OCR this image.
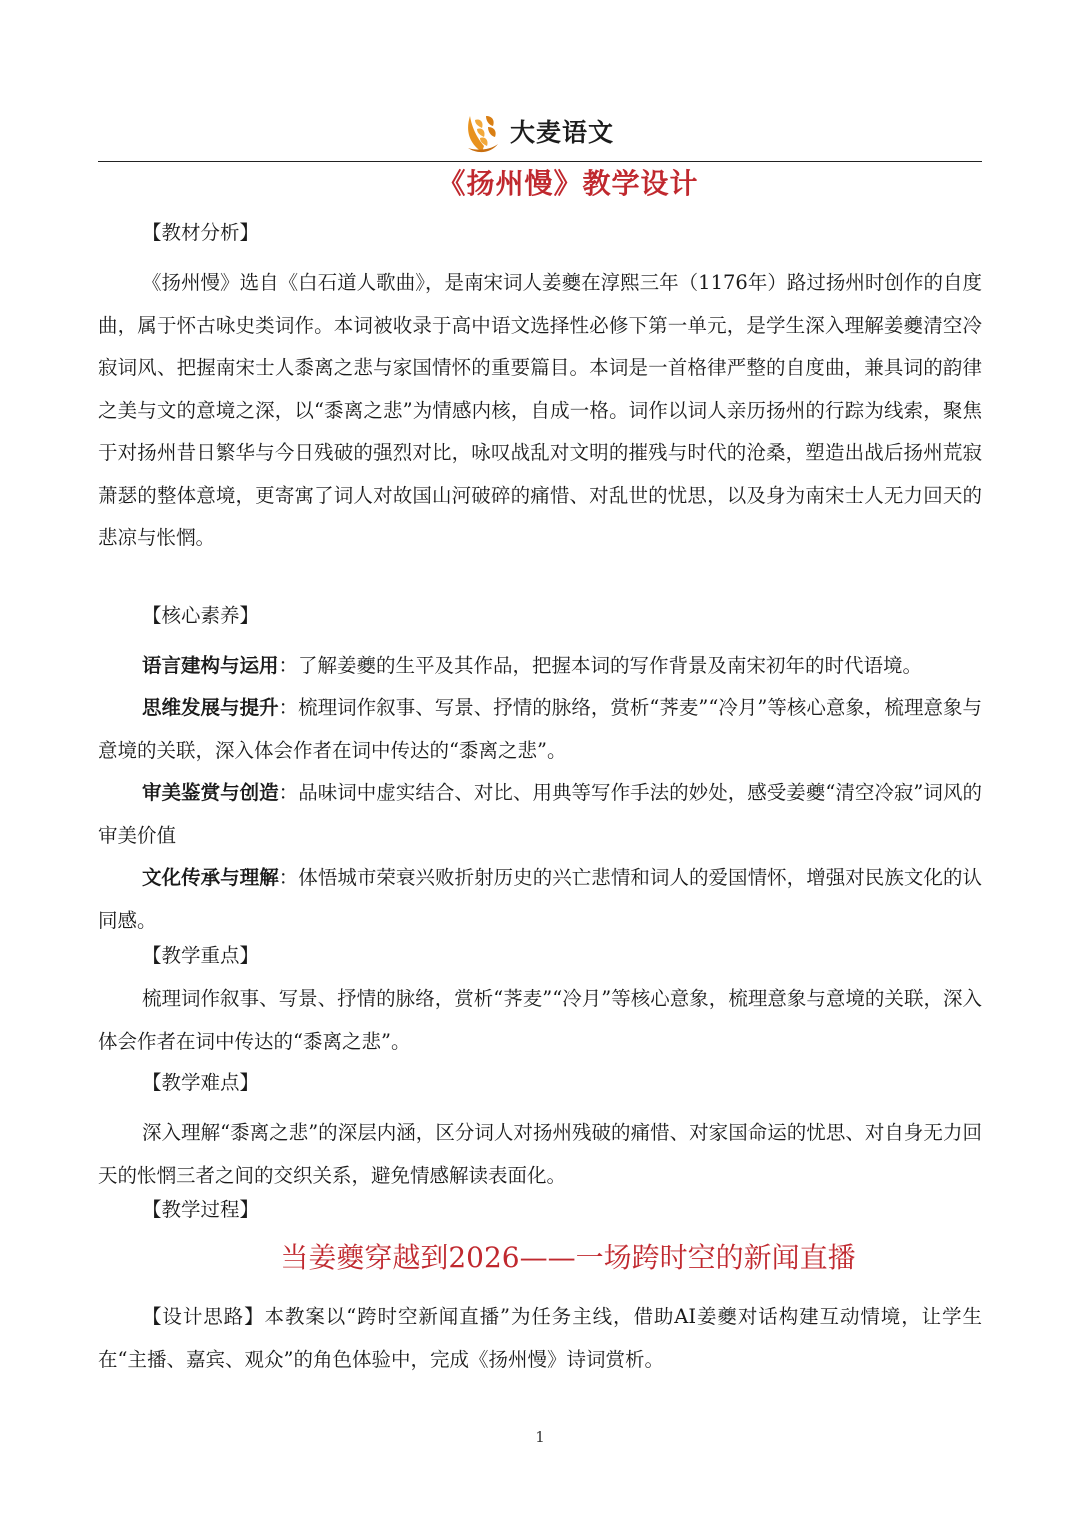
大麦语文
《扬州慢》教学设计
【教材分析】
《扬州慢》选自《白石道人歌曲》，是南宋词人姜夔在淳熙三年（1176年）路过扬州时创作的自度曲，属于怀古咏史类词作。本词被收录于高中语文选择性必修下第一单元，是学生深入理解姜夔清空冷寂词风、把握南宋士人黍离之悲与家国情怀的重要篇目。本词是一首格律严整的自度曲，兼具词的韵律之美与文的意境之深，以“黍离之悲”为情感内核，自成一格。词作以词人亲历扬州的行踪为线索，聚焦于对扬州昔日繁华与今日残破的强烈对比，咏叹战乱对文明的摧残与时代的沧桑，塑造出战后扬州荒寂萧瑟的整体意境，更寄寓了词人对故国山河破碎的痛惜、对乱世的忧思，以及身为南宋士人无力回天的悲凉与怅惘。
【核心素养】
语言建构与运用：了解姜夔的生平及其作品，把握本词的写作背景及南宋初年的时代语境。
思维发展与提升：梳理词作叙事、写景、抒情的脉络，赏析“荠麦”“冷月”等核心意象，梳理意象与意境的关联，深入体会作者在词中传达的“黍离之悲”。
审美鉴赏与创造：品味词中虚实结合、对比、用典等写作手法的妙处，感受姜夔“清空冷寂”词风的审美价值
文化传承与理解：体悟城市荣衰兴败折射历史的兴亡悲情和词人的爱国情怀，增强对民族文化的认同感。
【教学重点】
梳理词作叙事、写景、抒情的脉络，赏析“荠麦”“冷月”等核心意象，梳理意象与意境的关联，深入体会作者在词中传达的“黍离之悲”。
【教学难点】
深入理解“黍离之悲”的深层内涵，区分词人对扬州残破的痛惜、对家国命运的忧思、对自身无力回天的怅惘三者之间的交织关系，避免情感解读表面化。
【教学过程】
当姜夔穿越到2026——一场跨时空的新闻直播
【设计思路】本教案以“跨时空新闻直播”为任务主线，借助AI姜夔对话构建互动情境，让学生在“主播、嘉宾、观众”的角色体验中，完成《扬州慢》诗词赏析。
1
